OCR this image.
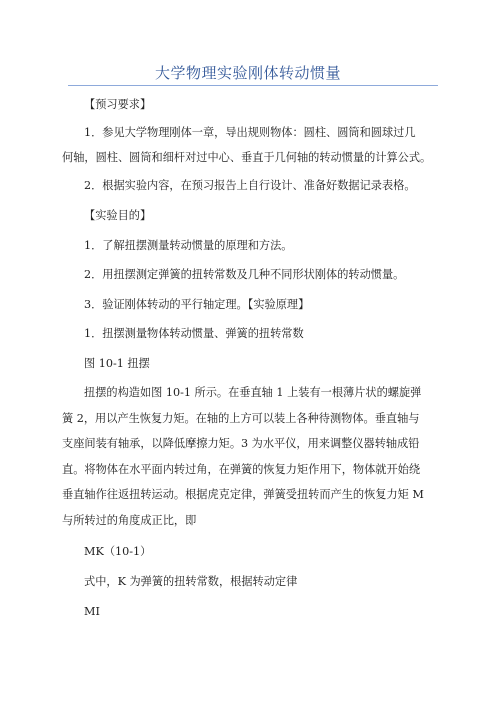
大学物理实验刚体转动惯量
【预习要求】
1．参见大学物理刚体一章，导出规则物体：圆柱、圆筒和圆球过几
何轴，圆柱、圆筒和细杆对过中心、垂直于几何轴的转动惯量的计算公式。
2．根据实验内容，在预习报告上自行设计、准备好数据记录表格。
【实验目的】
1．了解扭摆测量转动惯量的原理和方法。
2．用扭摆测定弹簧的扭转常数及几种不同形状刚体的转动惯量。
3．验证刚体转动的平行轴定理。【实验原理】
1．扭摆测量物体转动惯量、弹簧的扭转常数
图 10-1 扭摆
扭摆的构造如图 10-1 所示。在垂直轴 1 上装有一根薄片状的螺旋弹
簧 2，用以产生恢复力矩。在轴的上方可以装上各种待测物体。垂直轴与
支座间装有轴承，以降低摩擦力矩。3 为水平仪，用来调整仪器转轴成铅
直。将物体在水平面内转过角，在弹簧的恢复力矩作用下，物体就开始绕
垂直轴作往返扭转运动。根据虎克定律，弹簧受扭转而产生的恢复力矩 M
与所转过的角度成正比，即
MK（10-1）
式中，K 为弹簧的扭转常数，根据转动定律
MI
